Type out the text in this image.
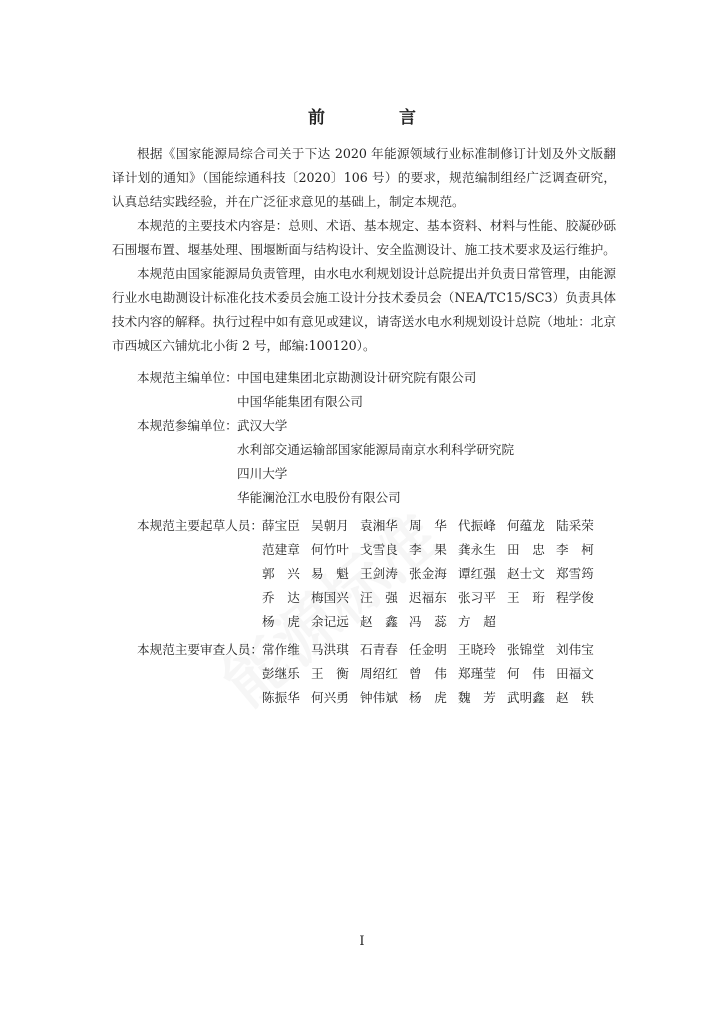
前 言

根据《国家能源局综合司关于下达 2020 年能源领域行业标准制修订计划及外文版翻译计划的通知》（国能综通科技〔2020〕106 号）的要求，规范编制组经广泛调查研究，认真总结实践经验，并在广泛征求意见的基础上，制定本规范。

本规范的主要技术内容是：总则、术语、基本规定、基本资料、材料与性能、胶凝砂砾石围堰布置、堰基处理、围堰断面与结构设计、安全监测设计、施工技术要求及运行维护。

本规范由国家能源局负责管理，由水电水利规划设计总院提出并负责日常管理，由能源行业水电勘测设计标准化技术委员会施工设计分技术委员会（NEA/TC15/SC3）负责具体技术内容的解释。执行过程中如有意见或建议，请寄送水电水利规划设计总院（地址：北京市西城区六铺炕北小街 2 号，邮编:100120）。

本规范主编单位： 中国电建集团北京勘测设计研究院有限公司
中国华能集团有限公司
本规范参编单位： 武汉大学
水利部交通运输部国家能源局南京水利科学研究院
四川大学
华能澜沧江水电股份有限公司
本规范主要起草人员： 薛宝臣 吴朝月 袁湘华 周　华 代振峰 何蕴龙 陆采荣
范建章 何竹叶 戈雪良 李　果 龚永生 田　忠 李　柯
郭　兴 易　魁 王剑涛 张金海 谭红强 赵士文 郑雪筠
乔　达 梅国兴 汪　强 迟福东 张习平 王　珩 程学俊
杨　虎 余记远 赵　鑫 冯　蕊 方　超
本规范主要审查人员： 常作维 马洪琪 石青春 任金明 王晓玲 张锦堂 刘伟宝
彭继乐 王　衡 周绍红 曾　伟 郑瑾莹 何　伟 田福文
陈振华 何兴勇 钟伟斌 杨　虎 魏　芳 武明鑫 赵　轶
I
